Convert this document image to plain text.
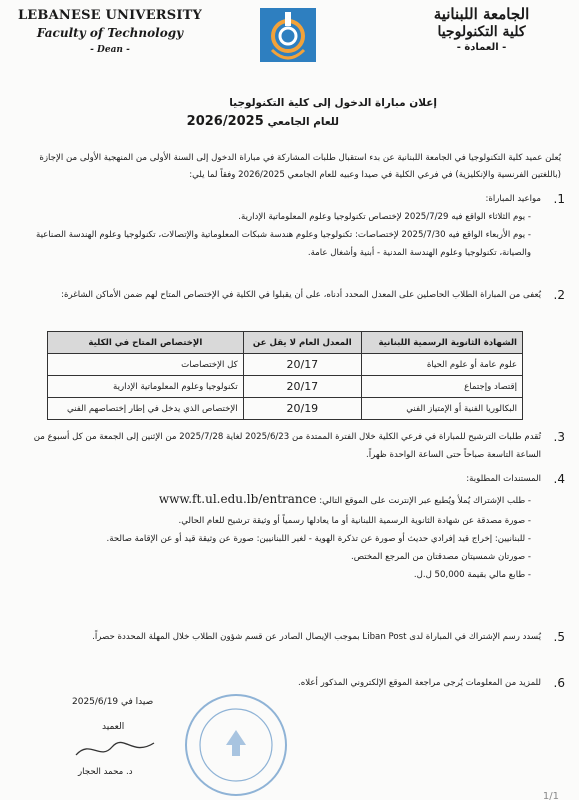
LEBANESE UNIVERSITY
Faculty of Technology
- Dean -
الجامعة اللبنانية
كلية التكنولوجيا
- العمادة -
إعلان مباراة الدخول إلى كلية التكنولوجيا
للعام الجامعي 2026/2025
يُعلن عميد كلية التكنولوجيا في الجامعة اللبنانية عن بدء استقبال طلبات المشاركة في مباراة الدخول إلى السنة الأولى من المنهجية الأولى من الإجازة (باللغتين الفرنسية والإنكليزية) في فرعي الكلية في صيدا وعبيه للعام الجامعي 2026/2025 وفقاً لما يلي:
1.
مواعيد المباراة:
- يوم الثلاثاء الواقع فيه 2025/7/29 لإختصاص تكنولوجيا وعلوم المعلوماتية الإدارية.
- يوم الأربعاء الواقع فيه 2025/7/30 لإختصاصات: تكنولوجيا وعلوم هندسة شبكات المعلوماتية والإتصالات، تكنولوجيا وعلوم الهندسة الصناعية والصيانة، تكنولوجيا وعلوم الهندسة المدنية - أبنية وأشغال عامة.
2.
يُعفى من المباراة الطلاب الحاصلين على المعدل المحدد أدناه، على أن يقبلوا في الكلية في الإختصاص المتاح لهم ضمن الأماكن الشاغرة:
الشهادة الثانوية الرسمية اللبنانية	المعدل العام لا يقل عن	الإختصاص المتاح في الكلية
علوم عامة أو علوم الحياة	20/17	كل الإختصاصات
إقتصاد وإجتماع	20/17	تكنولوجيا وعلوم المعلوماتية الإدارية
البكالوريا الفنية أو الإمتياز الفني	20/19	الإختصاص الذي يدخل في إطار إختصاصهم الفني
3.
تُقدم طلبات الترشيح للمباراة في فرعي الكلية خلال الفترة الممتدة من 2025/6/23 لغاية 2025/7/28 من الإثنين إلى الجمعة من كل أسبوع من الساعة التاسعة صباحاً حتى الساعة الواحدة ظهراً.
4.
المستندات المطلوبة:
- طلب الإشتراك يُملأ ويُطبع عبر الإنترنت على الموقع التالي: www.ft.ul.edu.lb/entrance
- صورة مصدقة عن شهادة الثانوية الرسمية اللبنانية أو ما يعادلها رسمياً أو وثيقة ترشيح للعام الحالي.
- للبنانيين: إخراج قيد إفرادي حديث أو صورة عن تذكرة الهوية - لغير اللبنانيين: صورة عن وثيقة قيد أو عن الإقامة صالحة.
- صورتان شمسيتان مصدقتان من المرجع المختص.
- طابع مالي بقيمة 50,000 ل.ل.
5.
يُسدد رسم الإشتراك في المباراة لدى Liban Post بموجب الإيصال الصادر عن قسم شؤون الطلاب خلال المهلة المحددة حصراً.
6.
للمزيد من المعلومات يُرجى مراجعة الموقع الإلكتروني المذكور أعلاه.
صيدا في 2025/6/19
العميد
د. محمد الحجار
1/1
